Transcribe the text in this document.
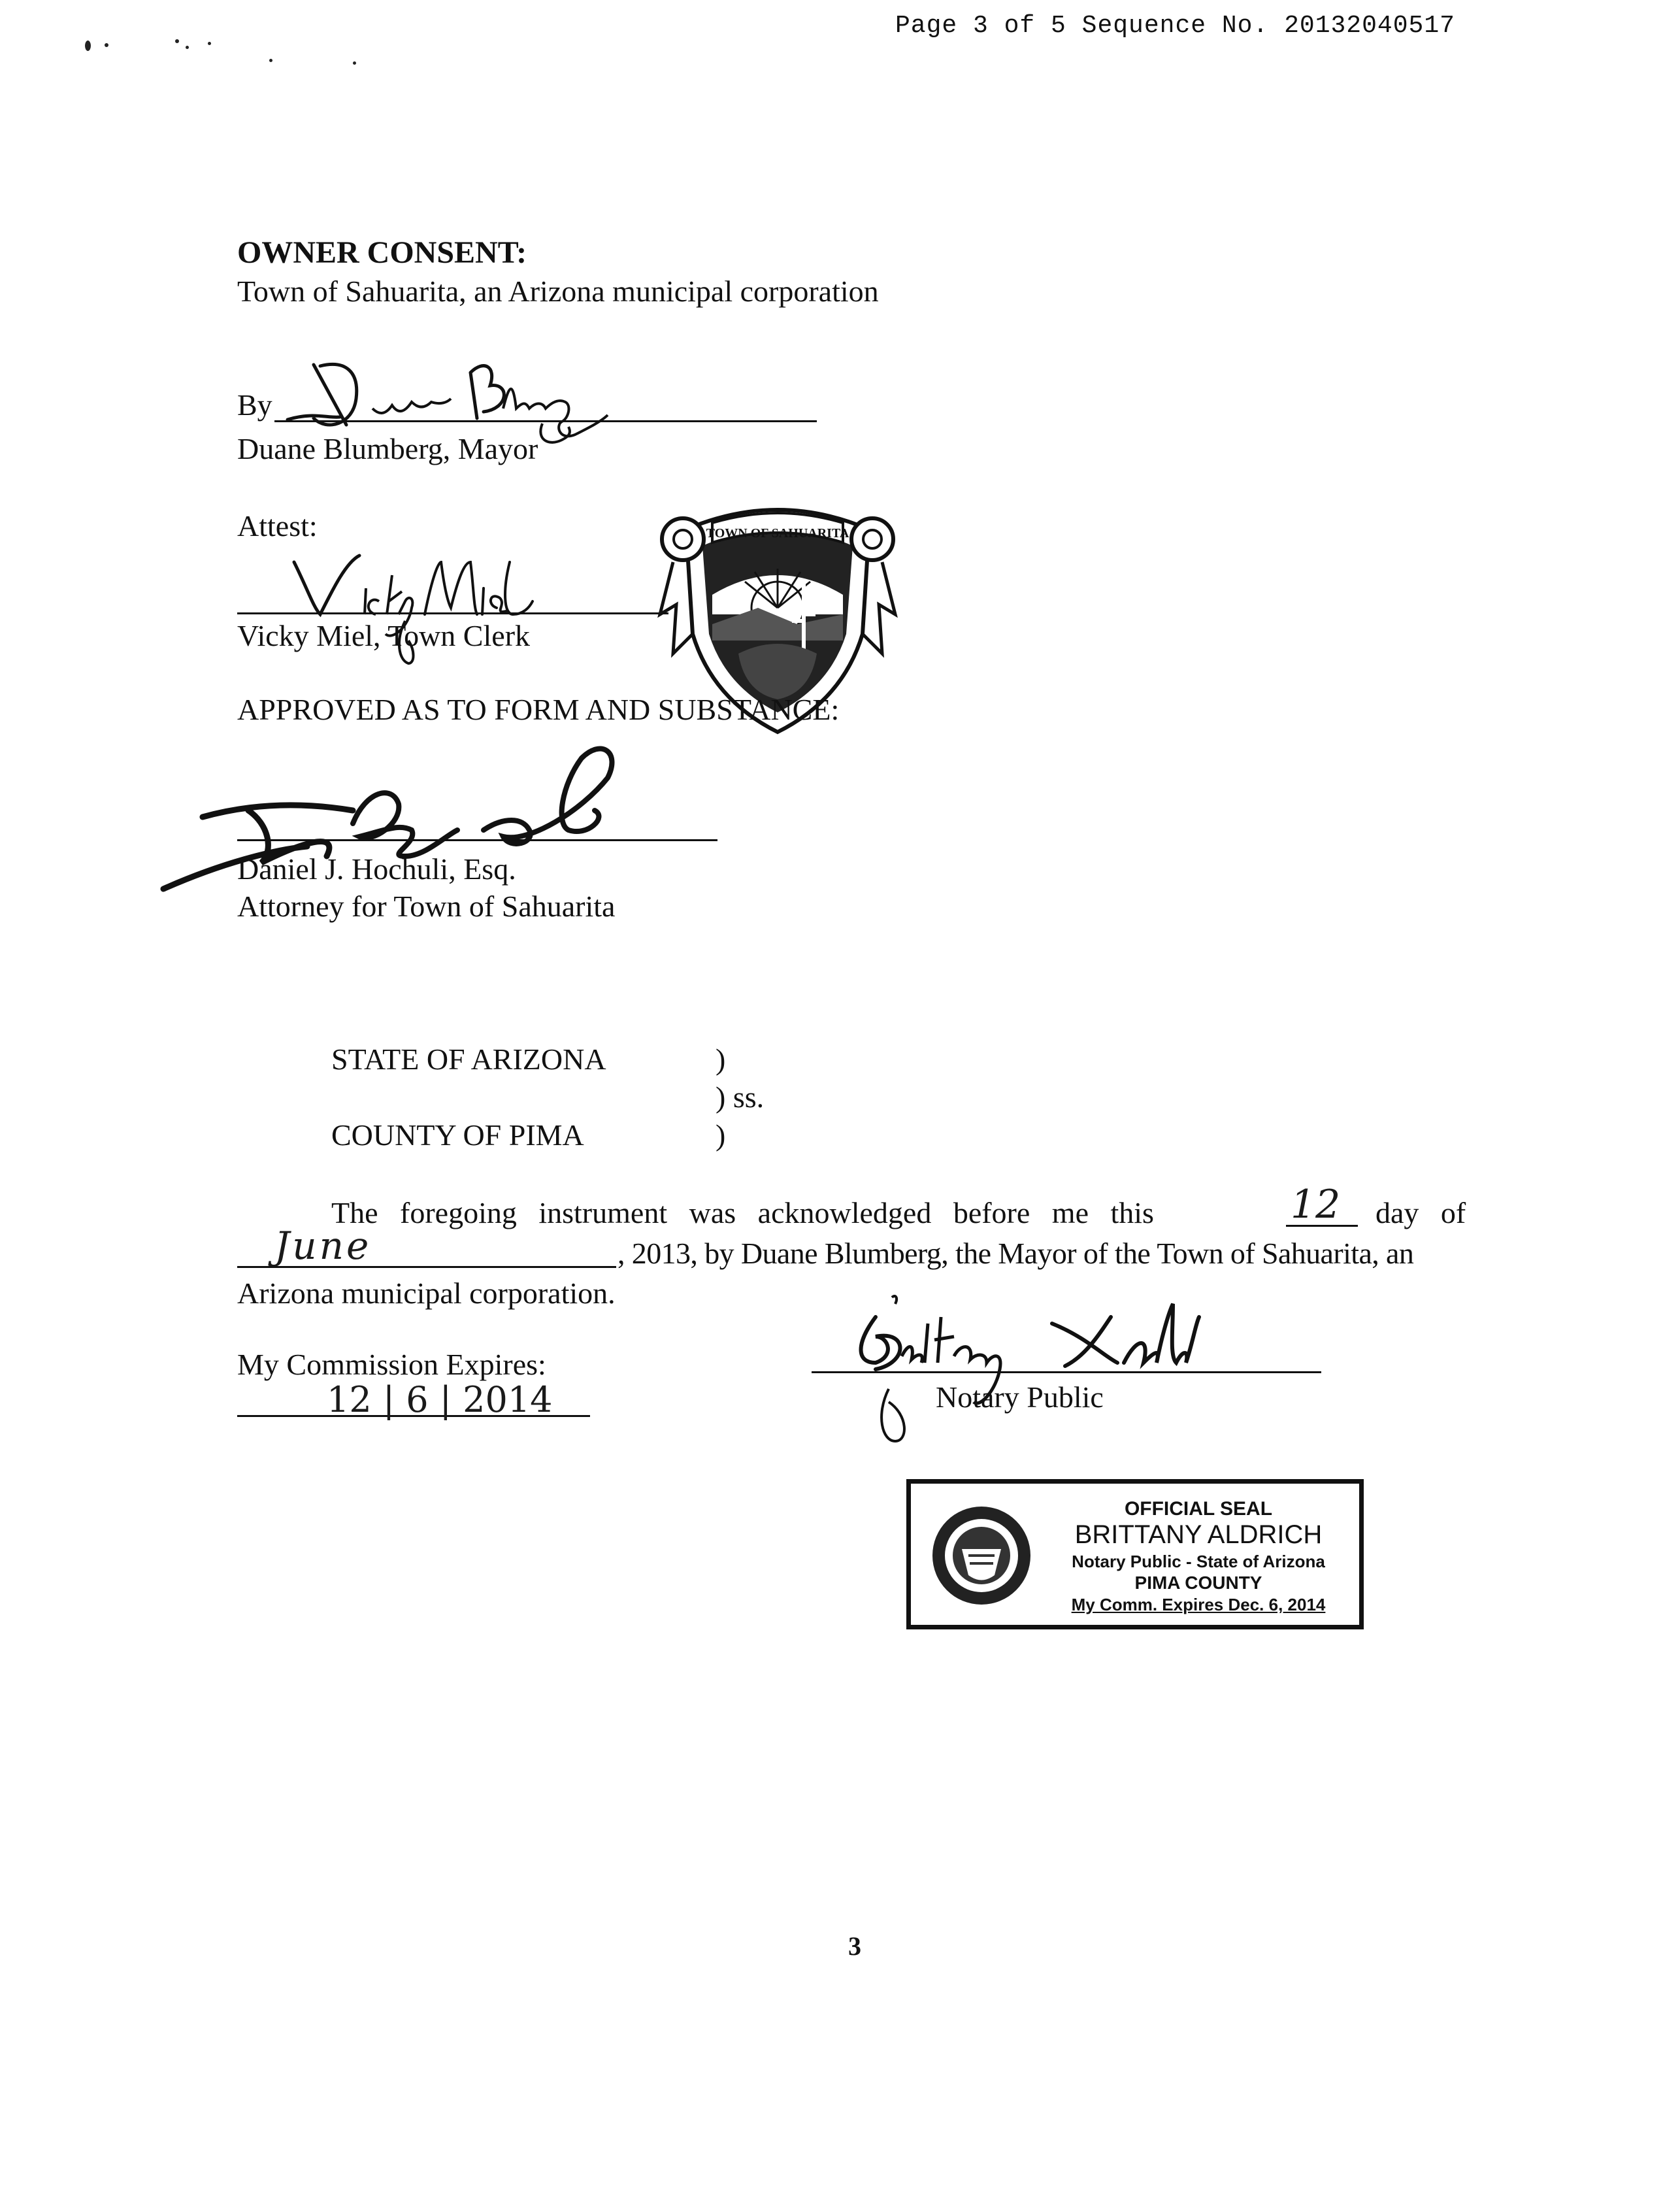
Page 3 of 5 Sequence No. 20132040517
OWNER CONSENT:
Town of Sahuarita, an Arizona municipal corporation
By
Duane Blumberg, Mayor
Attest:
Vicky Miel, Town Clerk
TOWN OF SAHUARITA
APPROVED AS TO FORM AND SUBSTANCE:
Daniel J. Hochuli, Esq.
Attorney for Town of Sahuarita
STATE OF ARIZONA	)
) ss.
COUNTY OF PIMA	)
The foregoing instrument was acknowledged before me this	12 day of
June	, 2013, by Duane Blumberg, the Mayor of the Town of Sahuarita, an
Arizona municipal corporation.
My Commission Expires:
12 | 6 | 2014	Notary Public
OFFICIAL SEAL
BRITTANY ALDRICH
Notary Public - State of Arizona
PIMA COUNTY
My Comm. Expires Dec. 6, 2014
3
